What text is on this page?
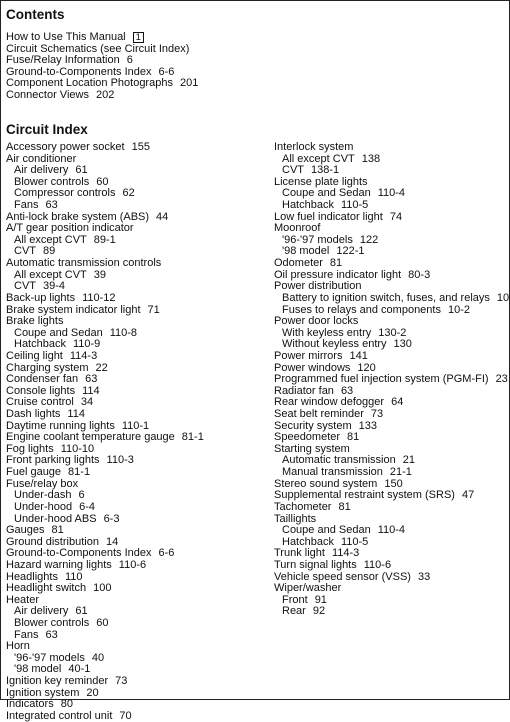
Contents
How to Use This Manual 1
Circuit Schematics (see Circuit Index)
Fuse/Relay Information 6
Ground-to-Components Index 6-6
Component Location Photographs 201
Connector Views 202
Circuit Index
Accessory power socket 155
Air conditioner
Air delivery 61
Blower controls 60
Compressor controls 62
Fans 63
Anti-lock brake system (ABS) 44
A/T gear position indicator
All except CVT 89-1
CVT 89
Automatic transmission controls
All except CVT 39
CVT 39-4
Back-up lights 110-12
Brake system indicator light 71
Brake lights
Coupe and Sedan 110-8
Hatchback 110-9
Ceiling light 114-3
Charging system 22
Condenser fan 63
Console lights 114
Cruise control 34
Dash lights 114
Daytime running lights 110-1
Engine coolant temperature gauge 81-1
Fog lights 110-10
Front parking lights 110-3
Fuel gauge 81-1
Fuse/relay box
Under-dash 6
Under-hood 6-4
Under-hood ABS 6-3
Gauges 81
Ground distribution 14
Ground-to-Components Index 6-6
Hazard warning lights 110-6
Headlights 110
Headlight switch 100
Heater
Air delivery 61
Blower controls 60
Fans 63
Horn
'96-'97 models 40
'98 model 40-1
Ignition key reminder 73
Ignition system 20
Indicators 80
Integrated control unit 70
Interlock system
All except CVT 138
CVT 138-1
License plate lights
Coupe and Sedan 110-4
Hatchback 110-5
Low fuel indicator light 74
Moonroof
'96-'97 models 122
'98 model 122-1
Odometer 81
Oil pressure indicator light 80-3
Power distribution
Battery to ignition switch, fuses, and relays 10
Fuses to relays and components 10-2
Power door locks
With keyless entry 130-2
Without keyless entry 130
Power mirrors 141
Power windows 120
Programmed fuel injection system (PGM-FI) 23
Radiator fan 63
Rear window defogger 64
Seat belt reminder 73
Security system 133
Speedometer 81
Starting system
Automatic transmission 21
Manual transmission 21-1
Stereo sound system 150
Supplemental restraint system (SRS) 47
Tachometer 81
Taillights
Coupe and Sedan 110-4
Hatchback 110-5
Trunk light 114-3
Turn signal lights 110-6
Vehicle speed sensor (VSS) 33
Wiper/washer
Front 91
Rear 92
